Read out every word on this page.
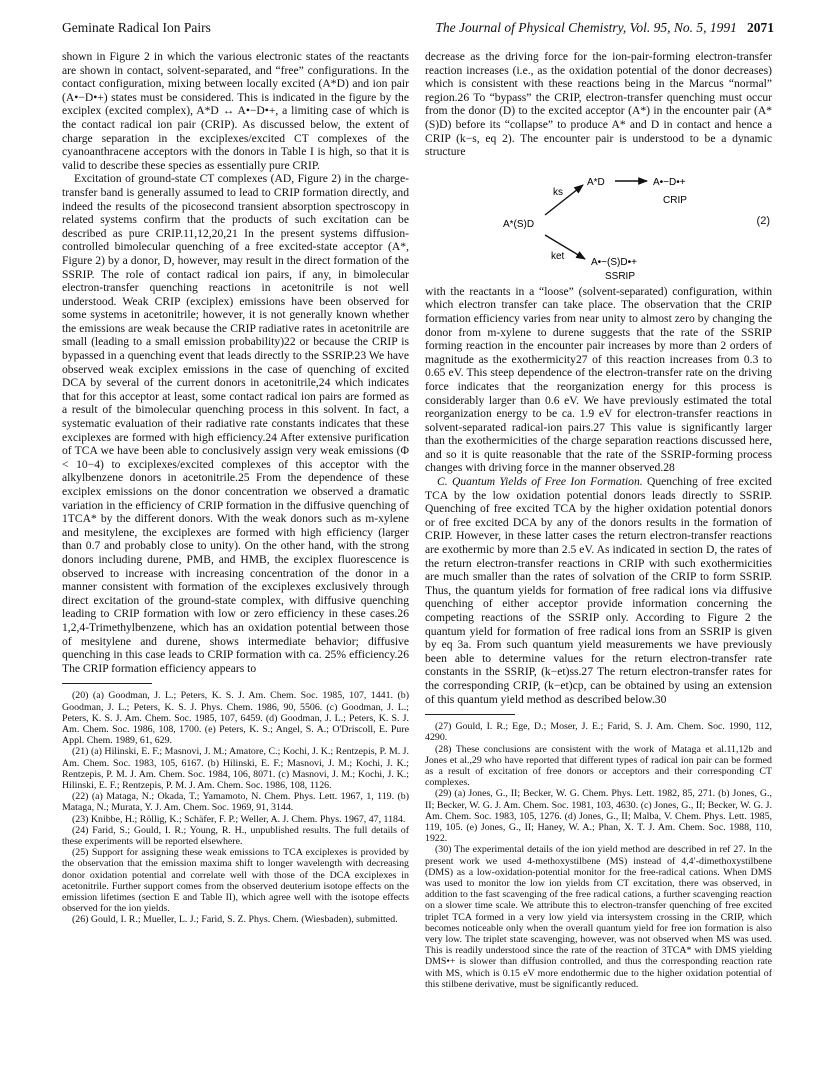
Geminate Radical Ion Pairs	The Journal of Physical Chemistry, Vol. 95, No. 5, 1991 2071

shown in Figure 2 in which the various electronic states of the reactants are shown in contact, solvent-separated, and “free” configurations. In the contact configuration, mixing between locally excited (A*D) and ion pair (A•−D•+) states must be considered. This is indicated in the figure by the exciplex (excited complex), A*D ↔ A•−D•+, a limiting case of which is the contact radical ion pair (CRIP). As discussed below, the extent of charge separation in the exciplexes/excited CT complexes of the cyanoanthracene acceptors with the donors in Table I is high, so that it is valid to describe these species as essentially pure CRIP.

Excitation of ground-state CT complexes (AD, Figure 2) in the charge-transfer band is generally assumed to lead to CRIP formation directly, and indeed the results of the picosecond transient absorption spectroscopy in related systems confirm that the products of such excitation can be described as pure CRIP.11,12,20,21 In the present systems diffusion-controlled bimolecular quenching of a free excited-state acceptor (A*, Figure 2) by a donor, D, however, may result in the direct formation of the SSRIP. The role of contact radical ion pairs, if any, in bimolecular electron-transfer quenching reactions in acetonitrile is not well understood. Weak CRIP (exciplex) emissions have been observed for some systems in acetonitrile; however, it is not generally known whether the emissions are weak because the CRIP radiative rates in acetonitrile are small (leading to a small emission probability)22 or because the CRIP is bypassed in a quenching event that leads directly to the SSRIP.23 We have observed weak exciplex emissions in the case of quenching of excited DCA by several of the current donors in acetonitrile,24 which indicates that for this acceptor at least, some contact radical ion pairs are formed as a result of the bimolecular quenching process in this solvent. In fact, a systematic evaluation of their radiative rate constants indicates that these exciplexes are formed with high efficiency.24 After extensive purification of TCA we have been able to conclusively assign very weak emissions (Φ < 10−4) to exciplexes/excited complexes of this acceptor with the alkylbenzene donors in acetonitrile.25 From the dependence of these exciplex emissions on the donor concentration we observed a dramatic variation in the efficiency of CRIP formation in the diffusive quenching of 1TCA* by the different donors. With the weak donors such as m-xylene and mesitylene, the exciplexes are formed with high efficiency (larger than 0.7 and probably close to unity). On the other hand, with the strong donors including durene, PMB, and HMB, the exciplex fluorescence is observed to increase with increasing concentration of the donor in a manner consistent with formation of the exciplexes exclusively through direct excitation of the ground-state complex, with diffusive quenching leading to CRIP formation with low or zero efficiency in these cases.26 1,2,4-Trimethylbenzene, which has an oxidation potential between those of mesitylene and durene, shows intermediate behavior; diffusive quenching in this case leads to CRIP formation with ca. 25% efficiency.26 The CRIP formation efficiency appears to

(20) (a) Goodman, J. L.; Peters, K. S. J. Am. Chem. Soc. 1985, 107, 1441. (b) Goodman, J. L.; Peters, K. S. J. Phys. Chem. 1986, 90, 5506. (c) Goodman, J. L.; Peters, K. S. J. Am. Chem. Soc. 1985, 107, 6459. (d) Goodman, J. L.; Peters, K. S. J. Am. Chem. Soc. 1986, 108, 1700. (e) Peters, K. S.; Angel, S. A.; O'Driscoll, E. Pure Appl. Chem. 1989, 61, 629.

(21) (a) Hilinski, E. F.; Masnovi, J. M.; Amatore, C.; Kochi, J. K.; Rentzepis, P. M. J. Am. Chem. Soc. 1983, 105, 6167. (b) Hilinski, E. F.; Masnovi, J. M.; Kochi, J. K.; Rentzepis, P. M. J. Am. Chem. Soc. 1984, 106, 8071. (c) Masnovi, J. M.; Kochi, J. K.; Hilinski, E. F.; Rentzepis, P. M. J. Am. Chem. Soc. 1986, 108, 1126.

(22) (a) Mataga, N.; Okada, T.; Yamamoto, N. Chem. Phys. Lett. 1967, 1, 119. (b) Mataga, N.; Murata, Y. J. Am. Chem. Soc. 1969, 91, 3144.

(23) Knibbe, H.; Röllig, K.; Schäfer, F. P.; Weller, A. J. Chem. Phys. 1967, 47, 1184.

(24) Farid, S.; Gould, I. R.; Young, R. H., unpublished results. The full details of these experiments will be reported elsewhere.

(25) Support for assigning these weak emissions to TCA exciplexes is provided by the observation that the emission maxima shift to longer wavelength with decreasing donor oxidation potential and correlate well with those of the DCA exciplexes in acetonitrile. Further support comes from the observed deuterium isotope effects on the emission lifetimes (section E and Table II), which agree well with the isotope effects observed for the ion yields.

(26) Gould, I. R.; Mueller, L. J.; Farid, S. Z. Phys. Chem. (Wiesbaden), submitted.

decrease as the driving force for the ion-pair-forming electron-transfer reaction increases (i.e., as the oxidation potential of the donor decreases) which is consistent with these reactions being in the Marcus “normal” region.26 To “bypass” the CRIP, electron-transfer quenching must occur from the donor (D) to the excited acceptor (A*) in the encounter pair (A*(S)D) before its “collapse” to produce A* and D in contact and hence a CRIP (k−s, eq 2). The encounter pair is understood to be a dynamic structure

A*(S)D
ks
A*D	A•−D•+
CRIP
ket
A•−(S)D•+
SSRIP
(2)

with the reactants in a “loose” (solvent-separated) configuration, within which electron transfer can take place. The observation that the CRIP formation efficiency varies from near unity to almost zero by changing the donor from m-xylene to durene suggests that the rate of the SSRIP forming reaction in the encounter pair increases by more than 2 orders of magnitude as the exothermicity27 of this reaction increases from 0.3 to 0.65 eV. This steep dependence of the electron-transfer rate on the driving force indicates that the reorganization energy for this process is considerably larger than 0.6 eV. We have previously estimated the total reorganization energy to be ca. 1.9 eV for electron-transfer reactions in solvent-separated radical-ion pairs.27 This value is significantly larger than the exothermicities of the charge separation reactions discussed here, and so it is quite reasonable that the rate of the SSRIP-forming process changes with driving force in the manner observed.28

C. Quantum Yields of Free Ion Formation. Quenching of free excited TCA by the low oxidation potential donors leads directly to SSRIP. Quenching of free excited TCA by the higher oxidation potential donors or of free excited DCA by any of the donors results in the formation of CRIP. However, in these latter cases the return electron-transfer reactions are exothermic by more than 2.5 eV. As indicated in section D, the rates of the return electron-transfer reactions in CRIP with such exothermicities are much smaller than the rates of solvation of the CRIP to form SSRIP. Thus, the quantum yields for formation of free radical ions via diffusive quenching of either acceptor provide information concerning the competing reactions of the SSRIP only. According to Figure 2 the quantum yield for formation of free radical ions from an SSRIP is given by eq 3a. From such quantum yield measurements we have previously been able to determine values for the return electron-transfer rate constants in the SSRIP, (k−et)ss.27 The return electron-transfer rates for the corresponding CRIP, (k−et)cp, can be obtained by using an extension of this quantum yield method as described below.30

(27) Gould, I. R.; Ege, D.; Moser, J. E.; Farid, S. J. Am. Chem. Soc. 1990, 112, 4290.

(28) These conclusions are consistent with the work of Mataga et al.11,12b and Jones et al.,29 who have reported that different types of radical ion pair can be formed as a result of excitation of free donors or acceptors and their corresponding CT complexes.

(29) (a) Jones, G., II; Becker, W. G. Chem. Phys. Lett. 1982, 85, 271. (b) Jones, G., II; Becker, W. G. J. Am. Chem. Soc. 1981, 103, 4630. (c) Jones, G., II; Becker, W. G. J. Am. Chem. Soc. 1983, 105, 1276. (d) Jones, G., II; Malba, V. Chem. Phys. Lett. 1985, 119, 105. (e) Jones, G., II; Haney, W. A.; Phan, X. T. J. Am. Chem. Soc. 1988, 110, 1922.

(30) The experimental details of the ion yield method are described in ref 27. In the present work we used 4-methoxystilbene (MS) instead of 4,4′-dimethoxystilbene (DMS) as a low-oxidation-potential monitor for the free-radical cations. When DMS was used to monitor the low ion yields from CT excitation, there was observed, in addition to the fast scavenging of the free radical cations, a further scavenging reaction on a slower time scale. We attribute this to electron-transfer quenching of free excited triplet TCA formed in a very low yield via intersystem crossing in the CRIP, which becomes noticeable only when the overall quantum yield for free ion formation is also very low. The triplet state scavenging, however, was not observed when MS was used. This is readily understood since the rate of the reaction of 3TCA* with DMS yielding DMS•+ is slower than diffusion controlled, and thus the corresponding reaction rate with MS, which is 0.15 eV more endothermic due to the higher oxidation potential of this stilbene derivative, must be significantly reduced.
